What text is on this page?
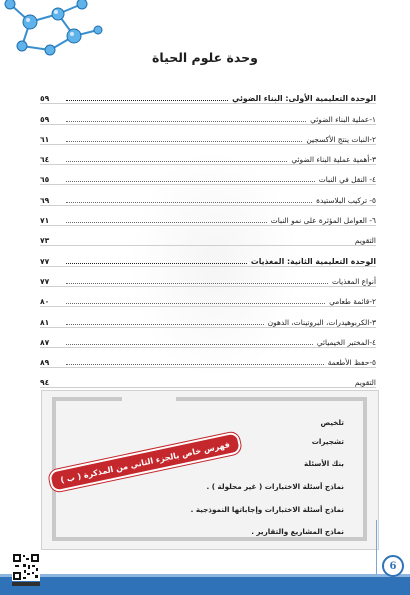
وحدة علوم الحياة
الوحدة التعليمية الأولى: البناء الضوئي
٥٩
١-عملية البناء الضوئي
٥٩
٢-النبات ينتج الأكسجين
٦١
٣-أهمية عملية البناء الضوئي
٦٤
٤- النقل في النبات
٦٥
٥- تركيب البلاستيدة
٦٩
٦- العوامل المؤثرة على نمو النبات
٧١
التقويم
٧٣
الوحدة التعليمية الثانية: المغذيات
٧٧
أنواع المغذيات
٧٧
٢-قائمة طعامي
٨٠
٣-الكربوهيدرات، البروتينات، الدهون
٨١
٤-المختبر الخيميائي
٨٧
٥-حفظ الأطعمة
٨٩
التقويم
٩٤
تلخيص
تشجيرات
بنك الأسئلة
نماذج أسئلة الاختبارات ( غير محلولة ) .
نماذج أسئلة الاختبارات وإجاباتها النموذجية .
نماذج المشاريع والتقارير .
فهرس خاص بالجزء الثاني من المذكرة ( ب )
6
